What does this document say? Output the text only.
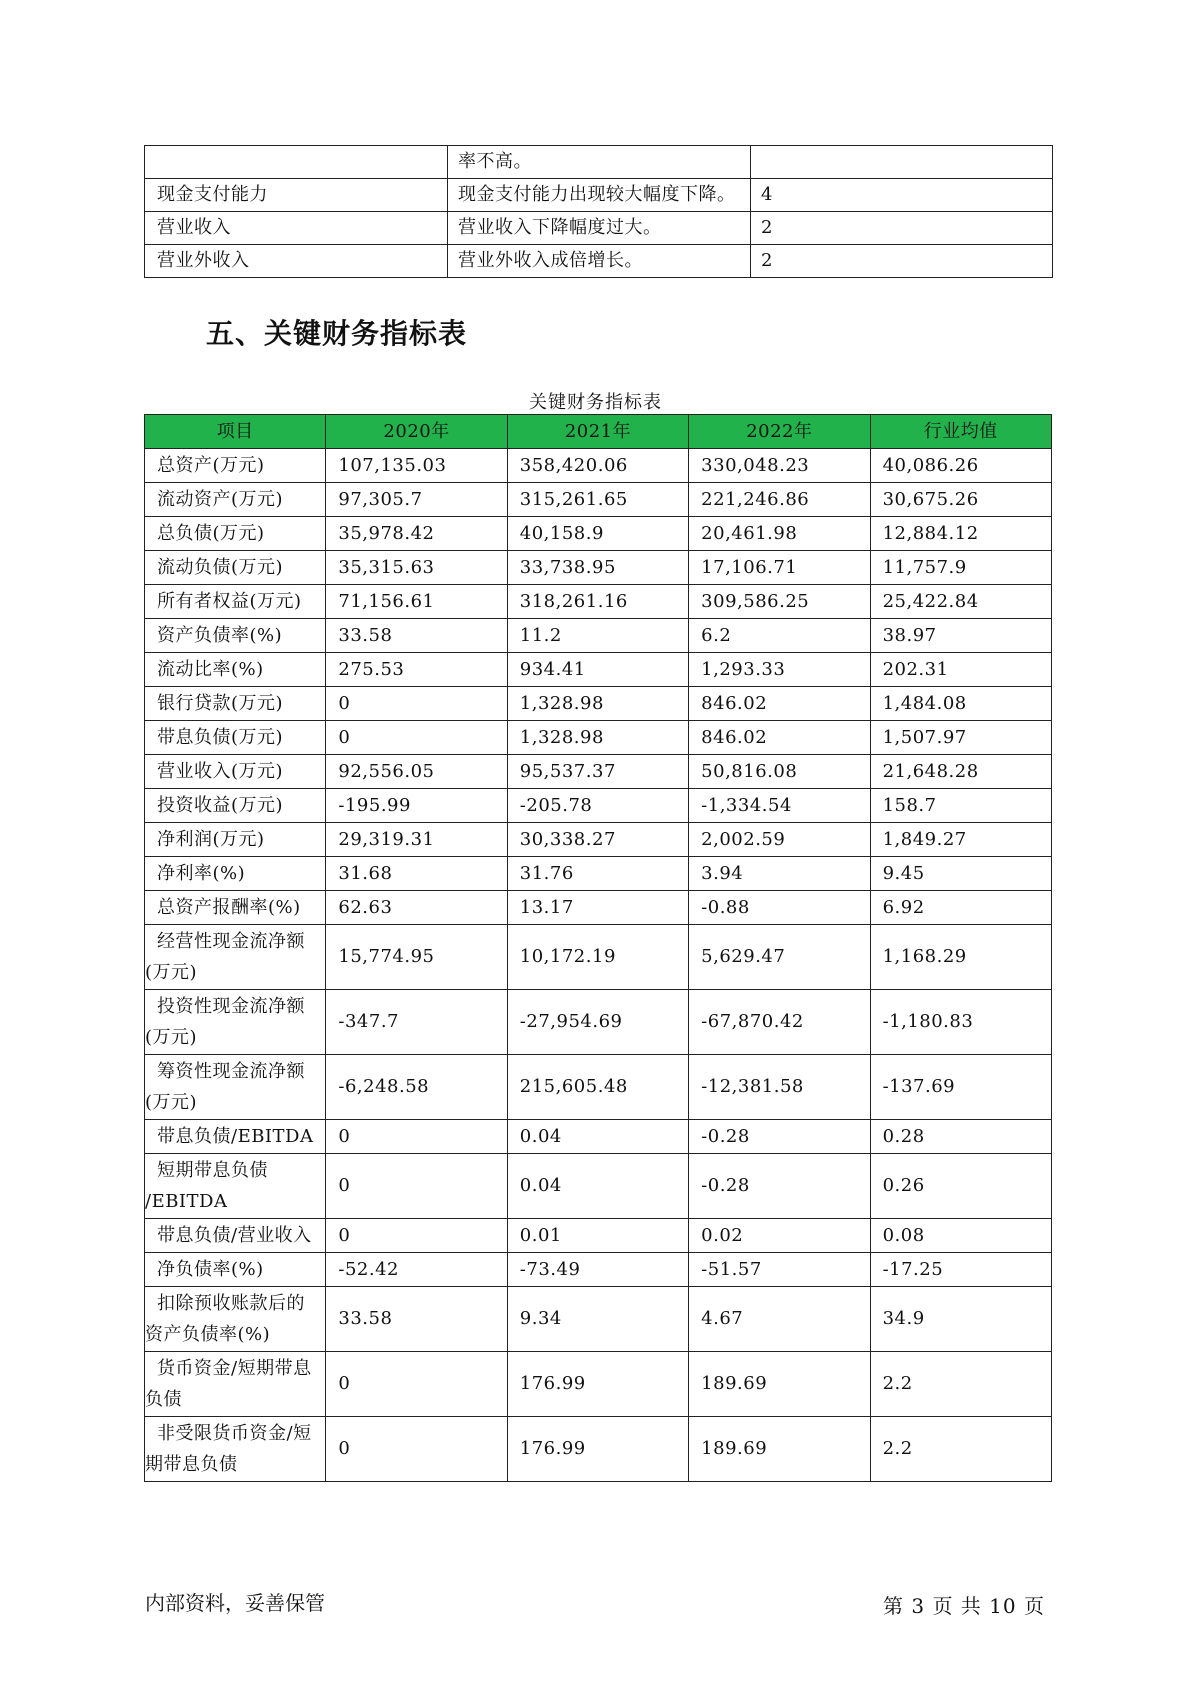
	率不高。	
现金支付能力	现金支付能力出现较大幅度下降。	4
营业收入	营业收入下降幅度过大。	2
营业外收入	营业外收入成倍增长。	2
五、关键财务指标表
关键财务指标表
项目	2020年	2021年	2022年	行业均值
总资产(万元)	107,135.03	358,420.06	330,048.23	40,086.26
流动资产(万元)	97,305.7	315,261.65	221,246.86	30,675.26
总负债(万元)	35,978.42	40,158.9	20,461.98	12,884.12
流动负债(万元)	35,315.63	33,738.95	17,106.71	11,757.9
所有者权益(万元)	71,156.61	318,261.16	309,586.25	25,422.84
资产负债率(%)	33.58	11.2	6.2	38.97
流动比率(%)	275.53	934.41	1,293.33	202.31
银行贷款(万元)	0	1,328.98	846.02	1,484.08
带息负债(万元)	0	1,328.98	846.02	1,507.97
营业收入(万元)	92,556.05	95,537.37	50,816.08	21,648.28
投资收益(万元)	-195.99	-205.78	-1,334.54	158.7
净利润(万元)	29,319.31	30,338.27	2,002.59	1,849.27
净利率(%)	31.68	31.76	3.94	9.45
总资产报酬率(%)	62.63	13.17	-0.88	6.92
经营性现金流净额
(万元)	15,774.95	10,172.19	5,629.47	1,168.29
投资性现金流净额
(万元)	-347.7	-27,954.69	-67,870.42	-1,180.83
筹资性现金流净额
(万元)	-6,248.58	215,605.48	-12,381.58	-137.69
带息负债/EBITDA	0	0.04	-0.28	0.28
短期带息负债
/EBITDA	0	0.04	-0.28	0.26
带息负债/营业收入	0	0.01	0.02	0.08
净负债率(%)	-52.42	-73.49	-51.57	-17.25
扣除预收账款后的
资产负债率(%)	33.58	9.34	4.67	34.9
货币资金/短期带息
负债	0	176.99	189.69	2.2
非受限货币资金/短
期带息负债	0	176.99	189.69	2.2
内部资料，妥善保管	第 3 页 共 10 页
